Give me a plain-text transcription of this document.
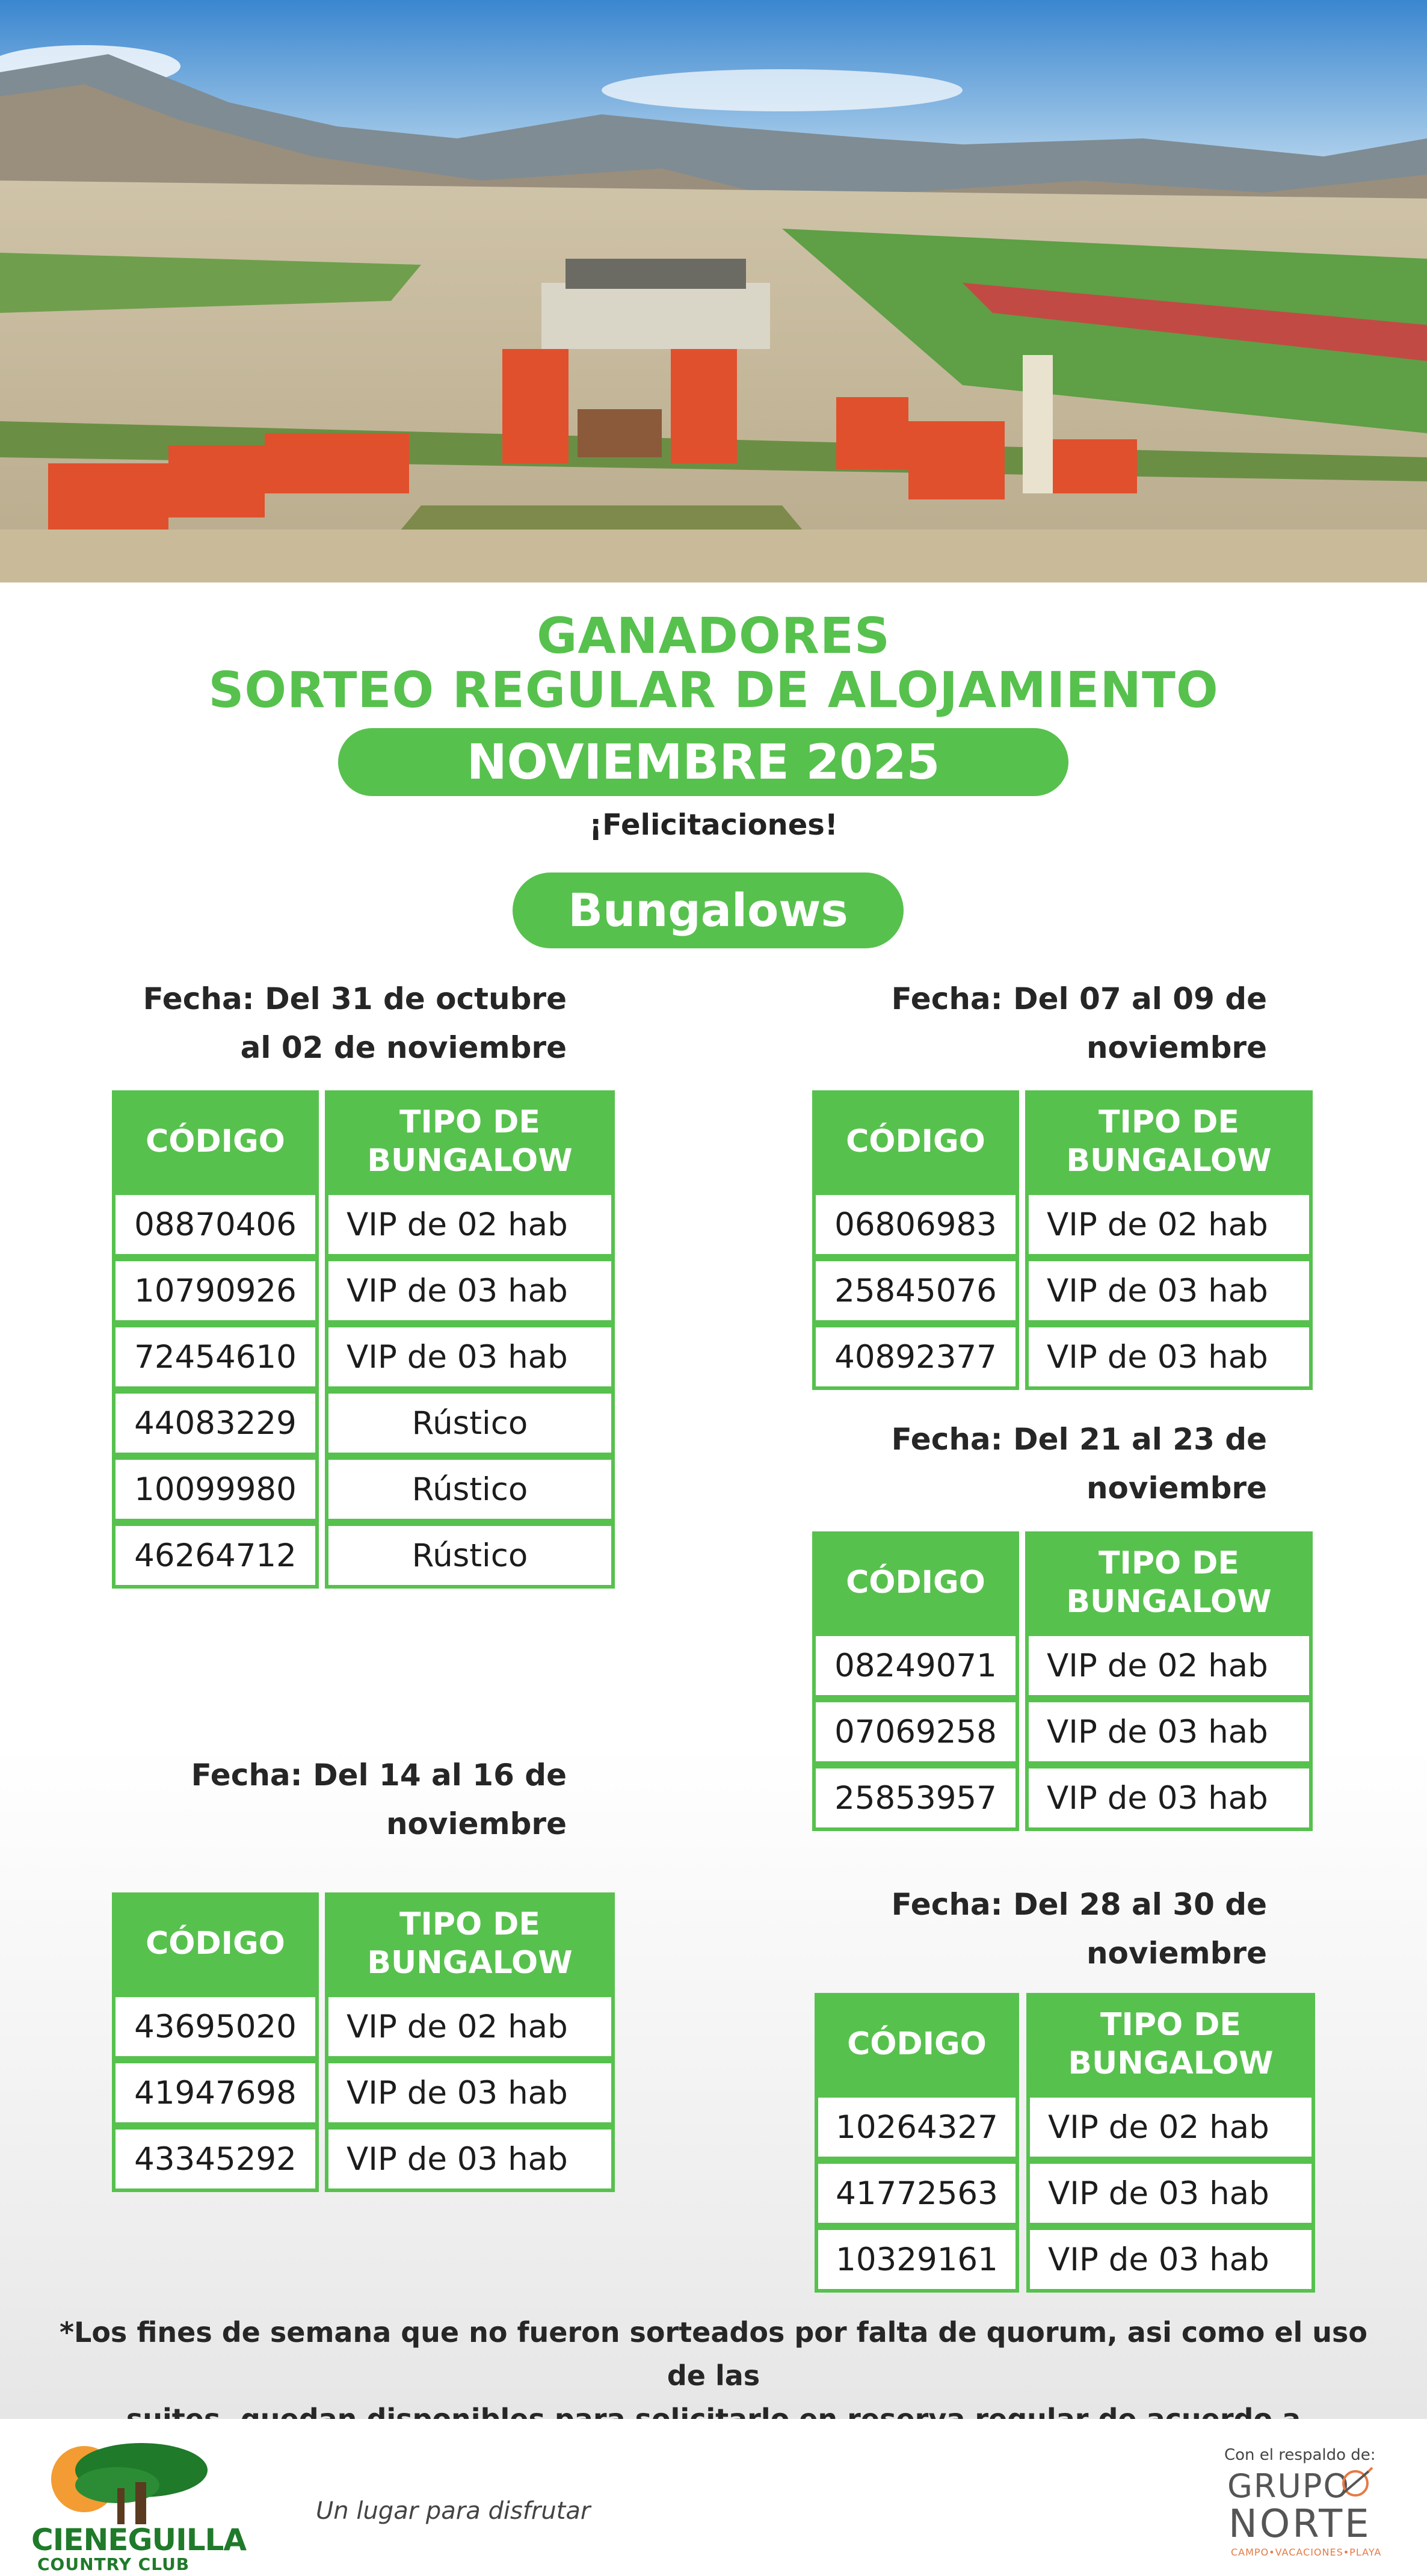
GANADORES
SORTEO REGULAR DE ALOJAMIENTO
NOVIEMBRE 2025
¡Felicitaciones!
Bungalows
Fecha: Del 31 de octubre
al 02 de noviembre
CÓDIGO
TIPO DE
BUNGALOW
08870406	VIP de 02 hab
10790926	VIP de 03 hab
72454610	VIP de 03 hab
44083229	Rústico
10099980	Rústico
46264712	Rústico
Fecha: Del 07 al 09 de
noviembre
CÓDIGO
TIPO DE
BUNGALOW
06806983	VIP de 02 hab
25845076	VIP de 03 hab
40892377	VIP de 03 hab
Fecha: Del 21 al 23 de
noviembre
CÓDIGO
TIPO DE
BUNGALOW
08249071	VIP de 02 hab
07069258	VIP de 03 hab
25853957	VIP de 03 hab
Fecha: Del 14 al 16 de
noviembre
CÓDIGO
TIPO DE
BUNGALOW
43695020	VIP de 02 hab
41947698	VIP de 03 hab
43345292	VIP de 03 hab
Fecha: Del 28 al 30 de
noviembre
CÓDIGO
TIPO DE
BUNGALOW
10264327	VIP de 02 hab
41772563	VIP de 03 hab
10329161	VIP de 03 hab
*Los fines de semana que no fueron sorteados por falta de quorum, asi como el uso de las
CIENEGUILLA
COUNTRY CLUB
Un lugar para disfrutar
Con el respaldo de:
GRUPO
NORTE
CAMPO•VACACIONES•PLAYA
